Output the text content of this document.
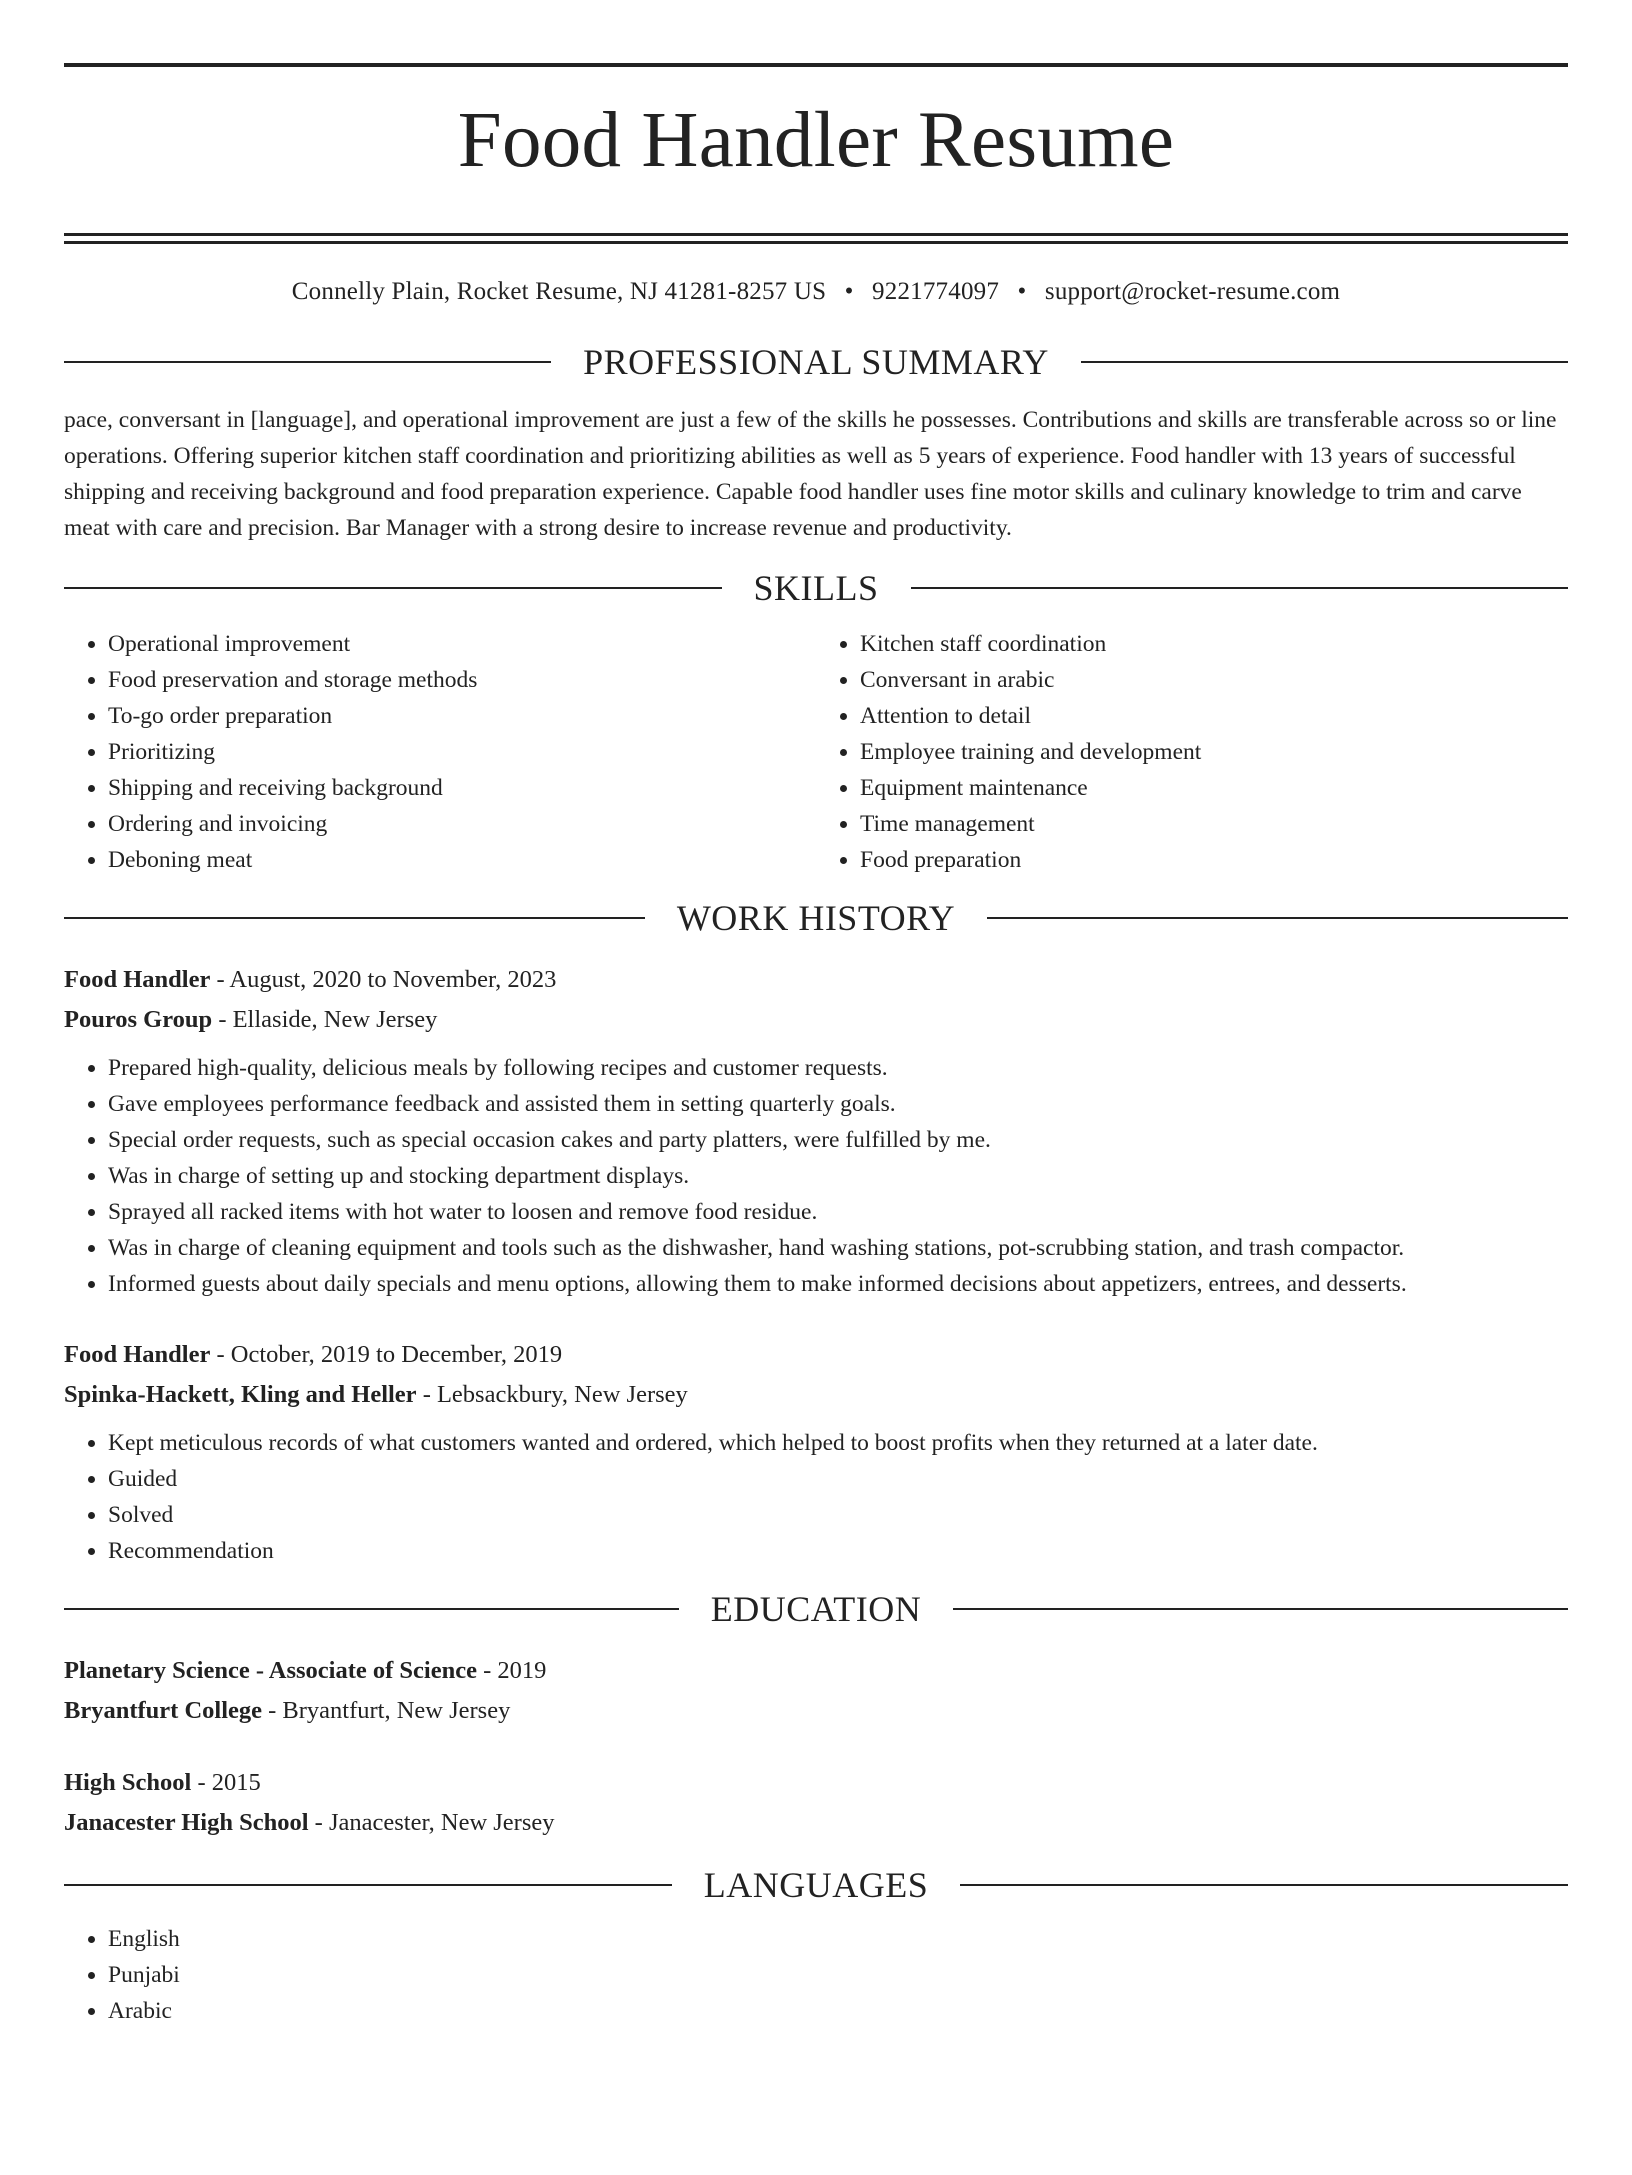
Food Handler Resume
Connelly Plain, Rocket Resume, NJ 41281-8257 US • 9221774097 • support@rocket-resume.com
PROFESSIONAL SUMMARY
pace, conversant in [language], and operational improvement are just a few of the skills he possesses. Contributions and skills are transferable across so or line operations. Offering superior kitchen staff coordination and prioritizing abilities as well as 5 years of experience. Food handler with 13 years of successful shipping and receiving background and food preparation experience. Capable food handler uses fine motor skills and culinary knowledge to trim and carve meat with care and precision. Bar Manager with a strong desire to increase revenue and productivity.
SKILLS
• Operational improvement
• Food preservation and storage methods
• To-go order preparation
• Prioritizing
• Shipping and receiving background
• Ordering and invoicing
• Deboning meat
• Kitchen staff coordination
• Conversant in arabic
• Attention to detail
• Employee training and development
• Equipment maintenance
• Time management
• Food preparation
WORK HISTORY
Food Handler - August, 2020 to November, 2023
Pouros Group - Ellaside, New Jersey
• Prepared high-quality, delicious meals by following recipes and customer requests.
• Gave employees performance feedback and assisted them in setting quarterly goals.
• Special order requests, such as special occasion cakes and party platters, were fulfilled by me.
• Was in charge of setting up and stocking department displays.
• Sprayed all racked items with hot water to loosen and remove food residue.
• Was in charge of cleaning equipment and tools such as the dishwasher, hand washing stations, pot-scrubbing station, and trash compactor.
• Informed guests about daily specials and menu options, allowing them to make informed decisions about appetizers, entrees, and desserts.
Food Handler - October, 2019 to December, 2019
Spinka-Hackett, Kling and Heller - Lebsackbury, New Jersey
• Kept meticulous records of what customers wanted and ordered, which helped to boost profits when they returned at a later date.
• Guided
• Solved
• Recommendation
EDUCATION
Planetary Science - Associate of Science - 2019
Bryantfurt College - Bryantfurt, New Jersey
High School - 2015
Janacester High School - Janacester, New Jersey
LANGUAGES
• English
• Punjabi
• Arabic
